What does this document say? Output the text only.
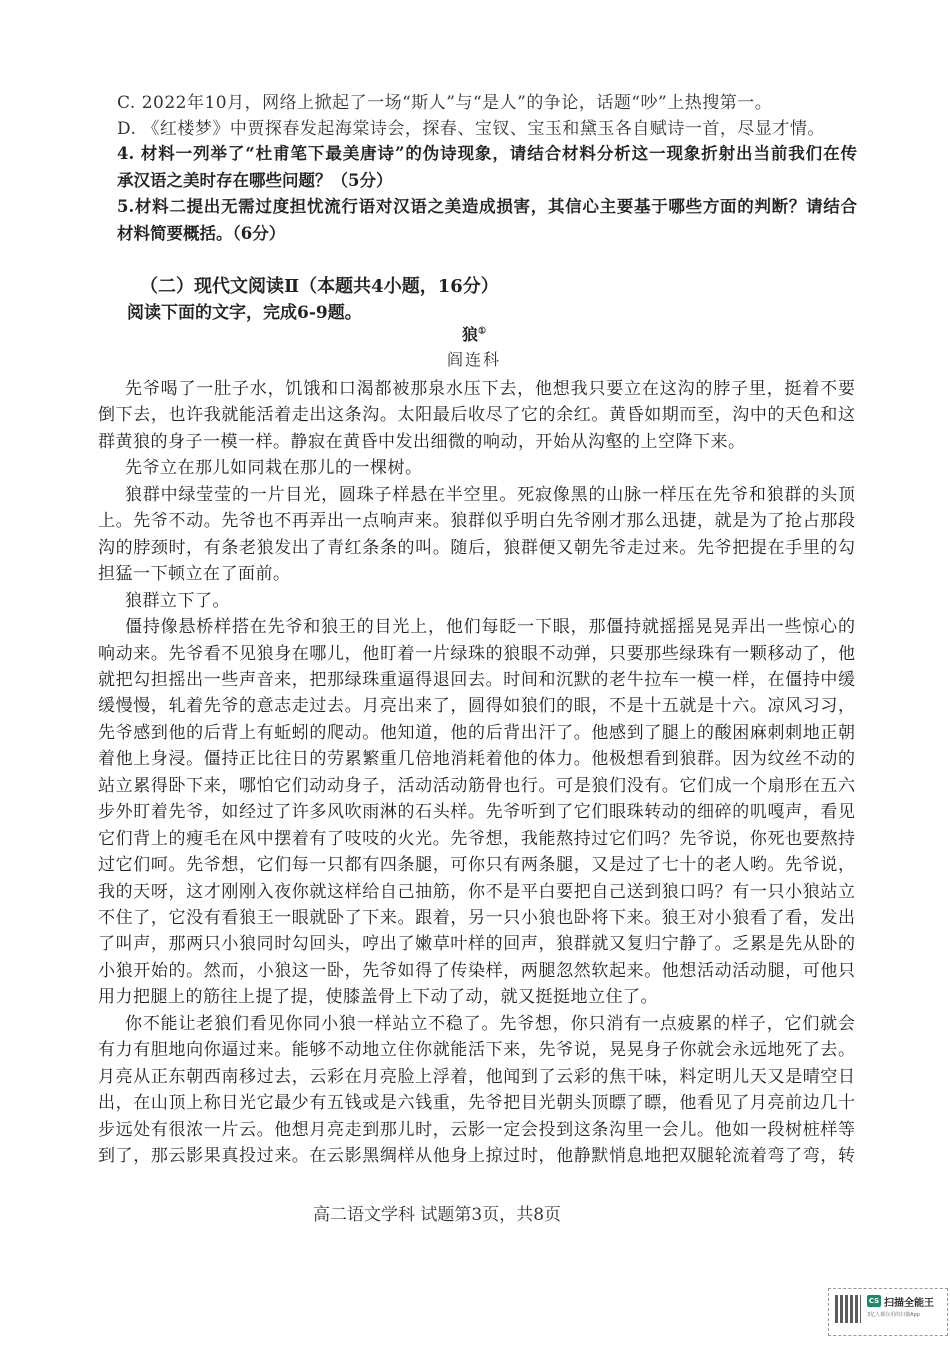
C. 2022年10月，网络上掀起了一场“斯人”与“是人”的争论，话题“吵”上热搜第一。
D. 《红楼梦》中贾探春发起海棠诗会，探春、宝钗、宝玉和黛玉各自赋诗一首，尽显才情。
4. 材料一列举了“杜甫笔下最美唐诗”的伪诗现象，请结合材料分析这一现象折射出当前我们在传
承汉语之美时存在哪些问题？（5分）
5.材料二提出无需过度担忧流行语对汉语之美造成损害，其信心主要基于哪些方面的判断？请结合
材料简要概括。（6分）
（二）现代文阅读Ⅱ（本题共4小题，16分）
阅读下面的文字，完成6-9题。
狼①
阎连科
先爷喝了一肚子水，饥饿和口渴都被那泉水压下去，他想我只要立在这沟的脖子里，挺着不要
倒下去，也许我就能活着走出这条沟。太阳最后收尽了它的余红。黄昏如期而至，沟中的天色和这
群黄狼的身子一模一样。静寂在黄昏中发出细微的响动，开始从沟壑的上空降下来。
先爷立在那儿如同栽在那儿的一棵树。
狼群中绿莹莹的一片目光，圆珠子样悬在半空里。死寂像黑的山脉一样压在先爷和狼群的头顶
上。先爷不动。先爷也不再弄出一点响声来。狼群似乎明白先爷刚才那么迅捷，就是为了抢占那段
沟的脖颈时，有条老狼发出了青红条条的叫。随后，狼群便又朝先爷走过来。先爷把提在手里的勾
担猛一下顿立在了面前。
狼群立下了。
僵持像悬桥样搭在先爷和狼王的目光上，他们每眨一下眼，那僵持就摇摇晃晃弄出一些惊心的
响动来。先爷看不见狼身在哪儿，他盯着一片绿珠的狼眼不动弹，只要那些绿珠有一颗移动了，他
就把勾担摇出一些声音来，把那绿珠重逼得退回去。时间和沉默的老牛拉车一模一样，在僵持中缓
缓慢慢，轧着先爷的意志走过去。月亮出来了，圆得如狼们的眼，不是十五就是十六。凉风习习，
先爷感到他的后背上有蚯蚓的爬动。他知道，他的后背出汗了。他感到了腿上的酸困麻刺刺地正朝
着他上身浸。僵持正比往日的劳累繁重几倍地消耗着他的体力。他极想看到狼群。因为纹丝不动的
站立累得卧下来，哪怕它们动动身子，活动活动筋骨也行。可是狼们没有。它们成一个扇形在五六
步外盯着先爷，如经过了许多风吹雨淋的石头样。先爷听到了它们眼珠转动的细碎的叽嘎声，看见
它们背上的瘦毛在风中摆着有了吱吱的火光。先爷想，我能熬持过它们吗？先爷说，你死也要熬持
过它们呵。先爷想，它们每一只都有四条腿，可你只有两条腿，又是过了七十的老人哟。先爷说，
我的天呀，这才刚刚入夜你就这样给自己抽筋，你不是平白要把自己送到狼口吗？有一只小狼站立
不住了，它没有看狼王一眼就卧了下来。跟着，另一只小狼也卧将下来。狼王对小狼看了看，发出
了叫声，那两只小狼同时勾回头，哼出了嫩草叶样的回声，狼群就又复归宁静了。乏累是先从卧的
小狼开始的。然而，小狼这一卧，先爷如得了传染样，两腿忽然软起来。他想活动活动腿，可他只
用力把腿上的筋往上提了提，使膝盖骨上下动了动，就又挺挺地立住了。
你不能让老狼们看见你同小狼一样站立不稳了。先爷想，你只消有一点疲累的样子，它们就会
有力有胆地向你逼过来。能够不动地立住你就能活下来，先爷说，晃晃身子你就会永远地死了去。
月亮从正东朝西南移过去，云彩在月亮脸上浮着，他闻到了云彩的焦干味，料定明儿天又是晴空日
出，在山顶上称日光它最少有五钱或是六钱重，先爷把目光朝头顶瞟了瞟，他看见了月亮前边几十
步远处有很浓一片云。他想月亮走到那儿时，云影一定会投到这条沟里一会儿。他如一段树桩样等
到了，那云影果真投过来。在云影黑绸样从他身上掠过时，他静默悄息地把双腿轮流着弯了弯，转
高二语文学科 试题第3页，共8页
CS 扫描全能王
3亿人都在用的扫描App
